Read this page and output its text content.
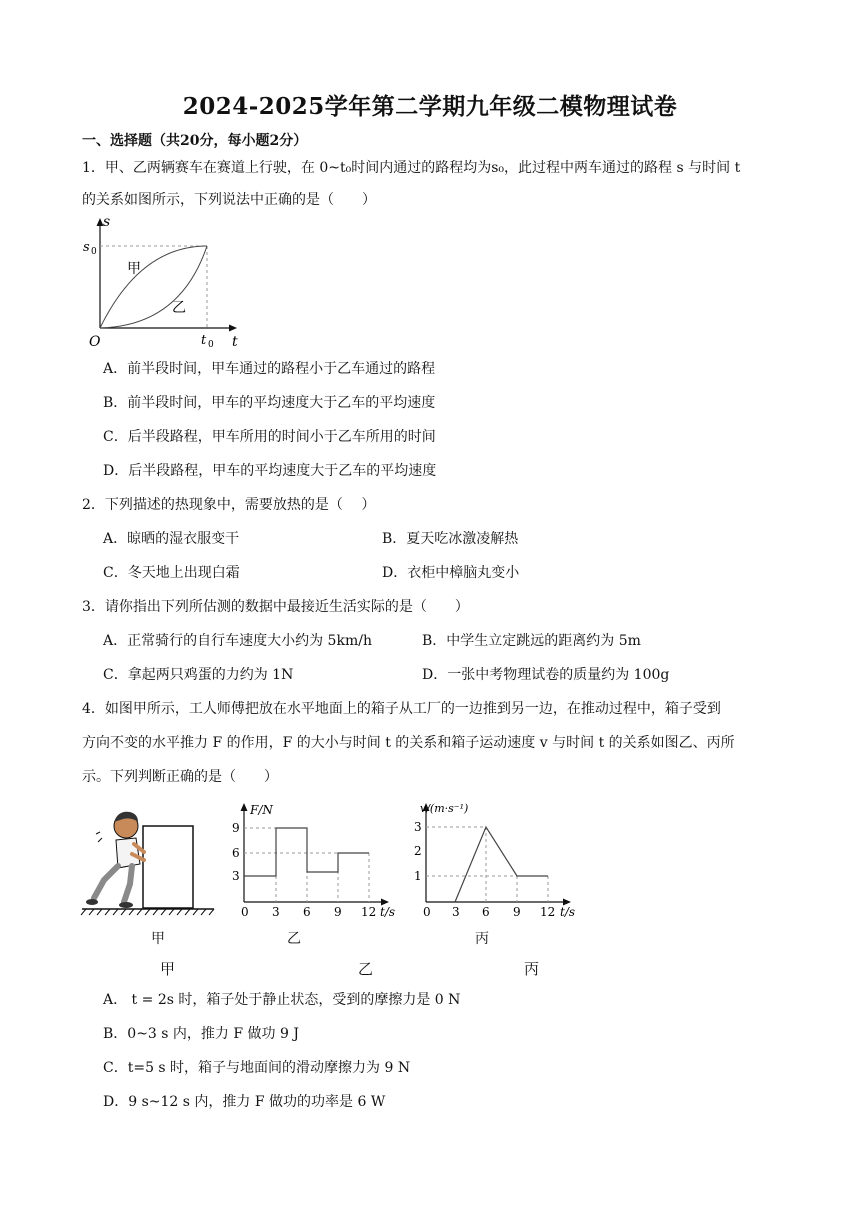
2024-2025学年第二学期九年级二模物理试卷
一、选择题（共20分，每小题2分）
1．甲、乙两辆赛车在赛道上行驶，在 0~t₀时间内通过的路程均为s₀，此过程中两车通过的路程 s 与时间 t
的关系如图所示，下列说法中正确的是（　　）
s
t
O
s 0
t 0
甲
乙
A．前半段时间，甲车通过的路程小于乙车通过的路程
B．前半段时间，甲车的平均速度大于乙车的平均速度
C．后半段路程，甲车所用的时间小于乙车所用的时间
D．后半段路程，甲车的平均速度大于乙车的平均速度
2．下列描述的热现象中，需要放热的是（　 ）
A．晾晒的湿衣服变干	B．夏天吃冰激凌解热
C．冬天地上出现白霜	D．衣柜中樟脑丸变小
3．请你指出下列所估测的数据中最接近生活实际的是（　　）
A．正常骑行的自行车速度大小约为 5km/h	B．中学生立定跳远的距离约为 5m
C．拿起两只鸡蛋的力约为 1N	D．一张中考物理试卷的质量约为 100g
4．如图甲所示，工人师傅把放在水平地面上的箱子从工厂的一边推到另一边，在推动过程中，箱子受到
方向不变的水平推力 F 的作用，F 的大小与时间 t 的关系和箱子运动速度 v 与时间 t 的关系如图乙、丙所
示。下列判断正确的是（　　）
甲
F/N
t/s
9
6
3
0 3 6 9 12
乙
v/(m·s⁻¹)
t/s
3
2
1
0 3 6 9 12
丙
甲	乙	丙
A． t = 2s 时，箱子处于静止状态，受到的摩擦力是 0 N
B．0~3 s 内，推力 F 做功 9 J
C．t=5 s 时，箱子与地面间的滑动摩擦力为 9 N
D．9 s~12 s 内，推力 F 做功的功率是 6 W
